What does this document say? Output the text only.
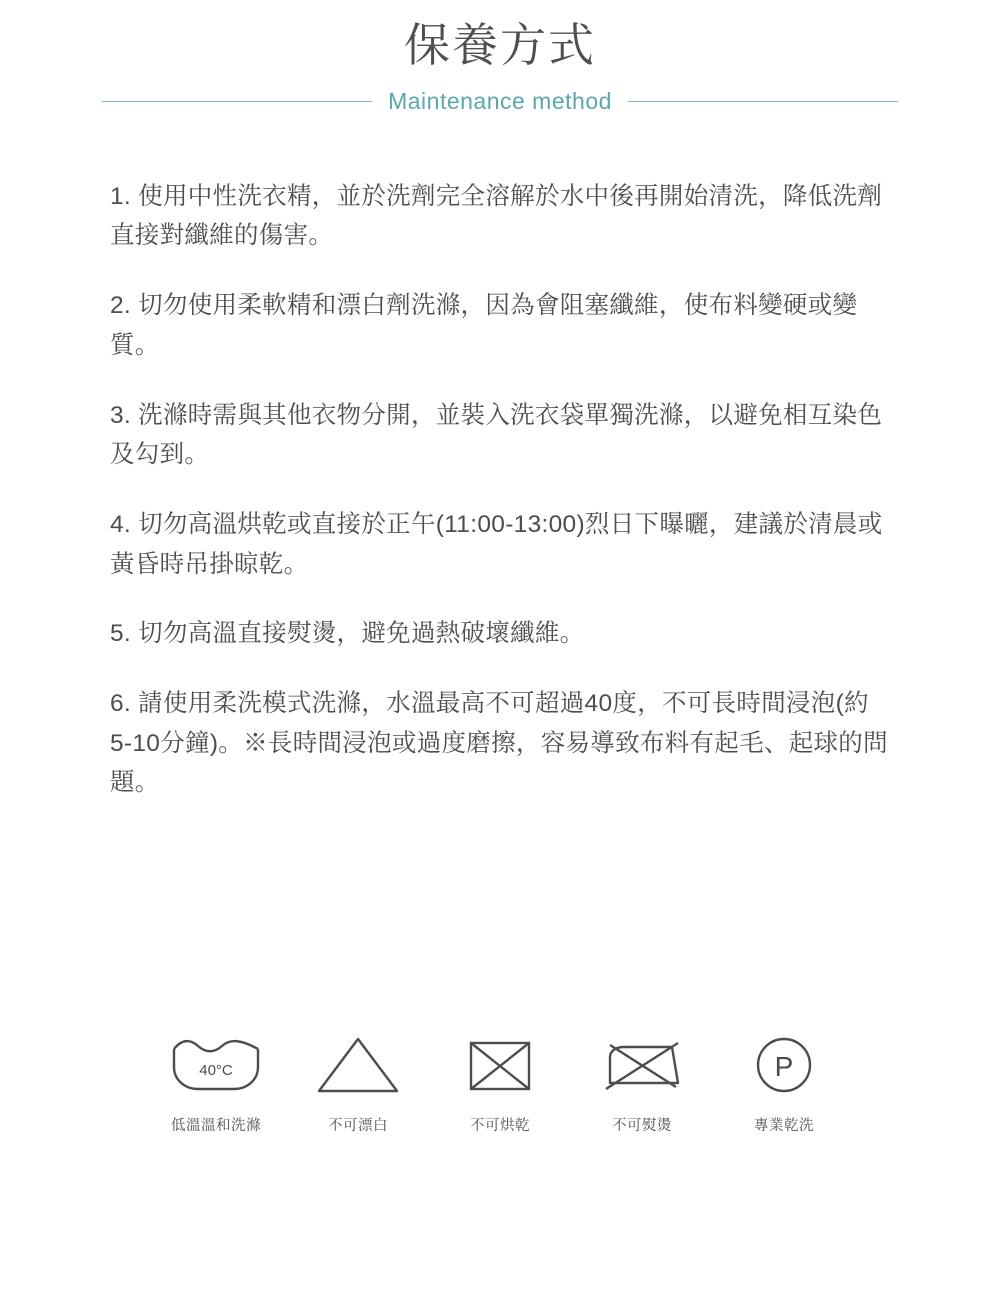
保養方式
Maintenance method

1. 使用中性洗衣精，並於洗劑完全溶解於水中後再開始清洗，降低洗劑直接對纖維的傷害。

2. 切勿使用柔軟精和漂白劑洗滌，因為會阻塞纖維，使布料變硬或變質。

3. 洗滌時需與其他衣物分開，並裝入洗衣袋單獨洗滌，以避免相互染色及勾到。

4. 切勿高溫烘乾或直接於正午(11:00-13:00)烈日下曝曬，建議於清晨或黃昏時吊掛晾乾。

5. 切勿高溫直接熨燙，避免過熱破壞纖維。

6. 請使用柔洗模式洗滌，水溫最高不可超過40度，不可長時間浸泡(約5-10分鐘)。※長時間浸泡或過度磨擦，容易導致布料有起毛、起球的問題。

40°C
低溫溫和洗滌	不可漂白	不可烘乾	不可熨燙
P
專業乾洗
